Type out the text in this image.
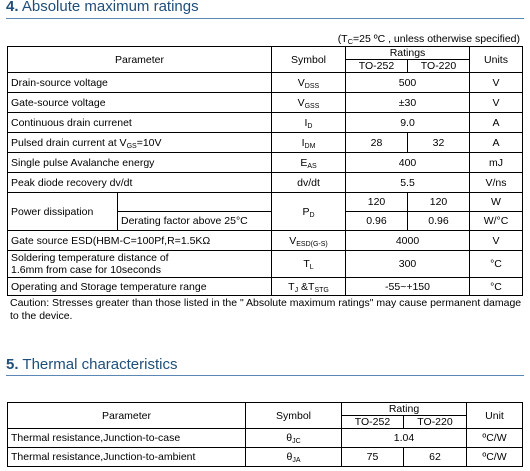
4. Absolute maximum ratings
($T_C=25$ ºC , unless otherwise specified)
Parameter		Symbol	Ratings		Units
			TO-252	TO-220	
Drain-source voltage		$V_{DSS}$	500		V
Gate-source voltage		$V_{GSS}$	±30		V
Continuous drain currenet		$I_D$	9.0		A
Pulsed drain current at $V_{GS}=10V$		$I_{DM}$	28	32	A
Single pulse Avalanche energy		$E_{AS}$	400		mJ
Peak diode recovery dv/dt		dv/dt	5.5		V/ns
Power dissipation		$P_D$	120	120	W
	Derating factor above 25°C		0.96	0.96	W/°C
Gate source ESD(HBM-C=100Pf,R=1.5KΩ		$V_{ESD(G-S)}$	4000		V
Soldering temperature distance of
1.6mm from case for 10seconds		$T_L$	300		°C
Operating and Storage temperature range		$T_J$ $\&T_{STG}$	-55~+150		°C
Caution: Stresses greater than those listed in the " Absolute maximum ratings" may cause permanent damage to the device.
5. Thermal characteristics
Parameter	Symbol	Rating		Unit
		TO-252	TO-220	
Thermal resistance,Junction-to-case	$\theta_{JC}$	1.04		ºC/W
Thermal resistance,Junction-to-ambient	$\theta_{JA}$	75	62	ºC/W
